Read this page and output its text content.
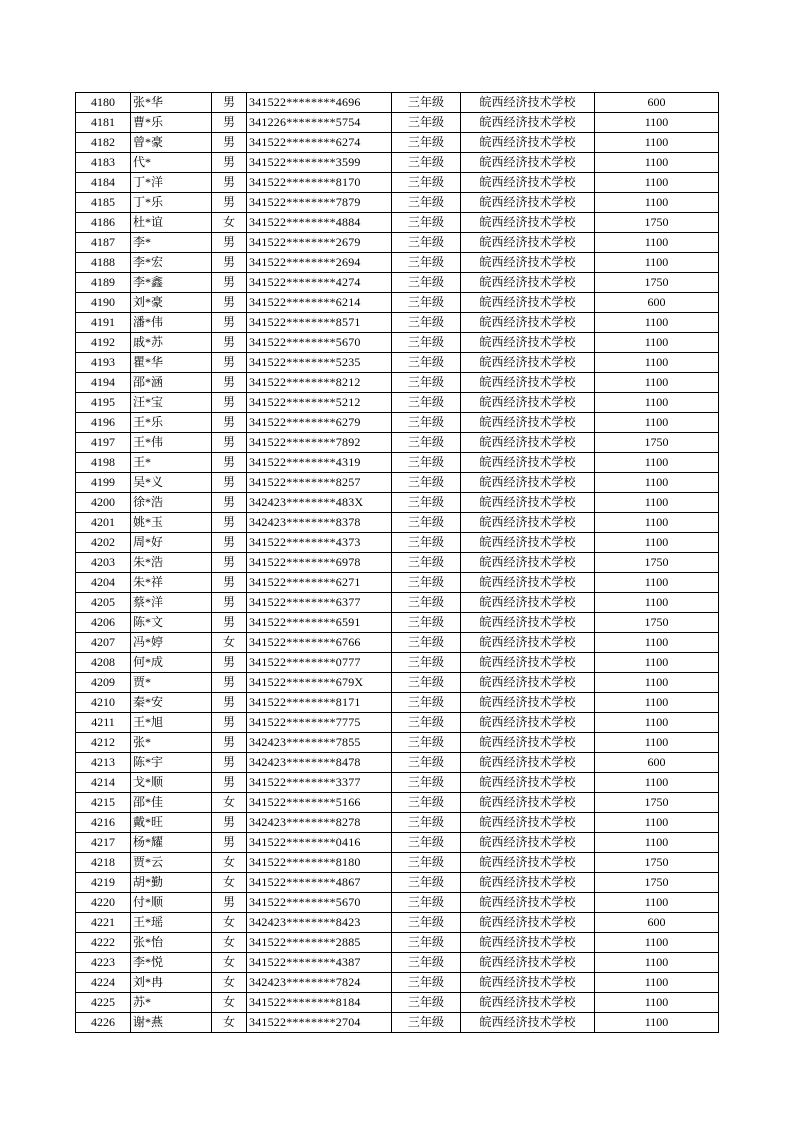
4180	张*华	男	341522********4696	三年级	皖西经济技术学校	600
4181	曹*乐	男	341226********5754	三年级	皖西经济技术学校	1100
4182	曾*豪	男	341522********6274	三年级	皖西经济技术学校	1100
4183	代*	男	341522********3599	三年级	皖西经济技术学校	1100
4184	丁*洋	男	341522********8170	三年级	皖西经济技术学校	1100
4185	丁*乐	男	341522********7879	三年级	皖西经济技术学校	1100
4186	杜*谊	女	341522********4884	三年级	皖西经济技术学校	1750
4187	李*	男	341522********2679	三年级	皖西经济技术学校	1100
4188	李*宏	男	341522********2694	三年级	皖西经济技术学校	1100
4189	李*鑫	男	341522********4274	三年级	皖西经济技术学校	1750
4190	刘*豪	男	341522********6214	三年级	皖西经济技术学校	600
4191	潘*伟	男	341522********8571	三年级	皖西经济技术学校	1100
4192	戚*苏	男	341522********5670	三年级	皖西经济技术学校	1100
4193	瞿*华	男	341522********5235	三年级	皖西经济技术学校	1100
4194	邵*涵	男	341522********8212	三年级	皖西经济技术学校	1100
4195	汪*宝	男	341522********5212	三年级	皖西经济技术学校	1100
4196	王*乐	男	341522********6279	三年级	皖西经济技术学校	1100
4197	王*伟	男	341522********7892	三年级	皖西经济技术学校	1750
4198	王*	男	341522********4319	三年级	皖西经济技术学校	1100
4199	吴*义	男	341522********8257	三年级	皖西经济技术学校	1100
4200	徐*浩	男	342423********483X	三年级	皖西经济技术学校	1100
4201	姚*玉	男	342423********8378	三年级	皖西经济技术学校	1100
4202	周*好	男	341522********4373	三年级	皖西经济技术学校	1100
4203	朱*浩	男	341522********6978	三年级	皖西经济技术学校	1750
4204	朱*祥	男	341522********6271	三年级	皖西经济技术学校	1100
4205	蔡*洋	男	341522********6377	三年级	皖西经济技术学校	1100
4206	陈*文	男	341522********6591	三年级	皖西经济技术学校	1750
4207	冯*婷	女	341522********6766	三年级	皖西经济技术学校	1100
4208	何*成	男	341522********0777	三年级	皖西经济技术学校	1100
4209	贾*	男	341522********679X	三年级	皖西经济技术学校	1100
4210	秦*安	男	341522********8171	三年级	皖西经济技术学校	1100
4211	王*旭	男	341522********7775	三年级	皖西经济技术学校	1100
4212	张*	男	342423********7855	三年级	皖西经济技术学校	1100
4213	陈*宇	男	342423********8478	三年级	皖西经济技术学校	600
4214	戈*顺	男	341522********3377	三年级	皖西经济技术学校	1100
4215	邵*佳	女	341522********5166	三年级	皖西经济技术学校	1750
4216	戴*旺	男	342423********8278	三年级	皖西经济技术学校	1100
4217	杨*耀	男	341522********0416	三年级	皖西经济技术学校	1100
4218	贾*云	女	341522********8180	三年级	皖西经济技术学校	1750
4219	胡*勤	女	341522********4867	三年级	皖西经济技术学校	1750
4220	付*顺	男	341522********5670	三年级	皖西经济技术学校	1100
4221	王*瑶	女	342423********8423	三年级	皖西经济技术学校	600
4222	张*怡	女	341522********2885	三年级	皖西经济技术学校	1100
4223	李*悦	女	341522********4387	三年级	皖西经济技术学校	1100
4224	刘*冉	女	342423********7824	三年级	皖西经济技术学校	1100
4225	苏*	女	341522********8184	三年级	皖西经济技术学校	1100
4226	谢*燕	女	341522********2704	三年级	皖西经济技术学校	1100
